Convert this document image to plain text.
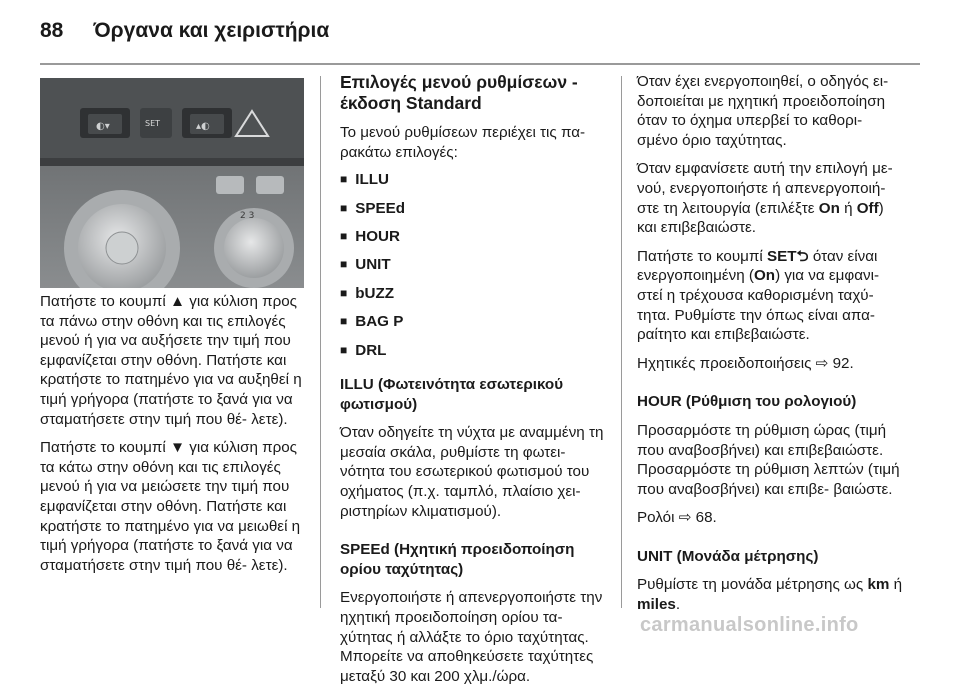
88 Όργανα και χειριστήρια
◐▾	SET	▴◐
2 3

Πατήστε το κουμπί ▲ για κύλιση προς τα πάνω στην οθόνη και τις επιλογές μενού ή για να αυξήσετε την τιμή που εμφανίζεται στην οθόνη. Πατήστε και κρατήστε το πατημένο για να αυξηθεί η τιμή γρήγορα (πατήστε το ξανά για να σταματήσετε στην τιμή που θέ‐ λετε).

Πατήστε το κουμπί ▼ για κύλιση προς τα κάτω στην οθόνη και τις επιλογές μενού ή για να μειώσετε την τιμή που εμφανίζεται στην οθόνη. Πατήστε και κρατήστε το πατημένο για να μειωθεί η τιμή γρήγορα (πατήστε το ξανά για να σταματήσετε στην τιμή που θέ‐ λετε).

Επιλογές μενού ρυθμίσεων - έκδοση Standard

Το μενού ρυθμίσεων περιέχει τις πα‐ ρακάτω επιλογές:

■ ILLU
■ SPEEd
■ HOUR
■ UNIT
■ bUZZ
■ BAG P
■ DRL

ILLU (Φωτεινότητα εσωτερικού φωτισμού)

Όταν οδηγείτε τη νύχτα με αναμμένη τη μεσαία σκάλα, ρυθμίστε τη φωτει‐ νότητα του εσωτερικού φωτισμού του οχήματος (π.χ. ταμπλό, πλαίσιο χει‐ ριστηρίων κλιματισμού).

SPEEd (Ηχητική προειδοποίηση ορίου ταχύτητας)

Ενεργοποιήστε ή απενεργοποιήστε την ηχητική προειδοποίηση ορίου τα‐ χύτητας ή αλλάξτε το όριο ταχύτητας. Μπορείτε να αποθηκεύσετε ταχύτητες μεταξύ 30 και 200 χλμ./ώρα.

Όταν έχει ενεργοποιηθεί, ο οδηγός ει‐ δοποιείται με ηχητική προειδοποίηση όταν το όχημα υπερβεί το καθορι‐ σμένο όριο ταχύτητας.

Όταν εμφανίσετε αυτή την επιλογή με‐ νού, ενεργοποιήστε ή απενεργοποιή‐ στε τη λειτουργία (επιλέξτε On ή Off) και επιβεβαιώστε.

Πατήστε το κουμπί SET⮌ όταν είναι ενεργοποιημένη (On) για να εμφανι‐ στεί η τρέχουσα καθορισμένη ταχύ‐ τητα. Ρυθμίστε την όπως είναι απα‐ ραίτητο και επιβεβαιώστε.

Ηχητικές προειδοποιήσεις ⇨ 92.

HOUR (Ρύθμιση του ρολογιού)

Προσαρμόστε τη ρύθμιση ώρας (τιμή που αναβοσβήνει) και επιβεβαιώστε. Προσαρμόστε τη ρύθμιση λεπτών (τιμή που αναβοσβήνει) και επιβε‐ βαιώστε.

Ρολόι ⇨ 68.

UNIT (Μονάδα μέτρησης)

Ρυθμίστε τη μονάδα μέτρησης ως km ή miles.

carmanualsonline.info
